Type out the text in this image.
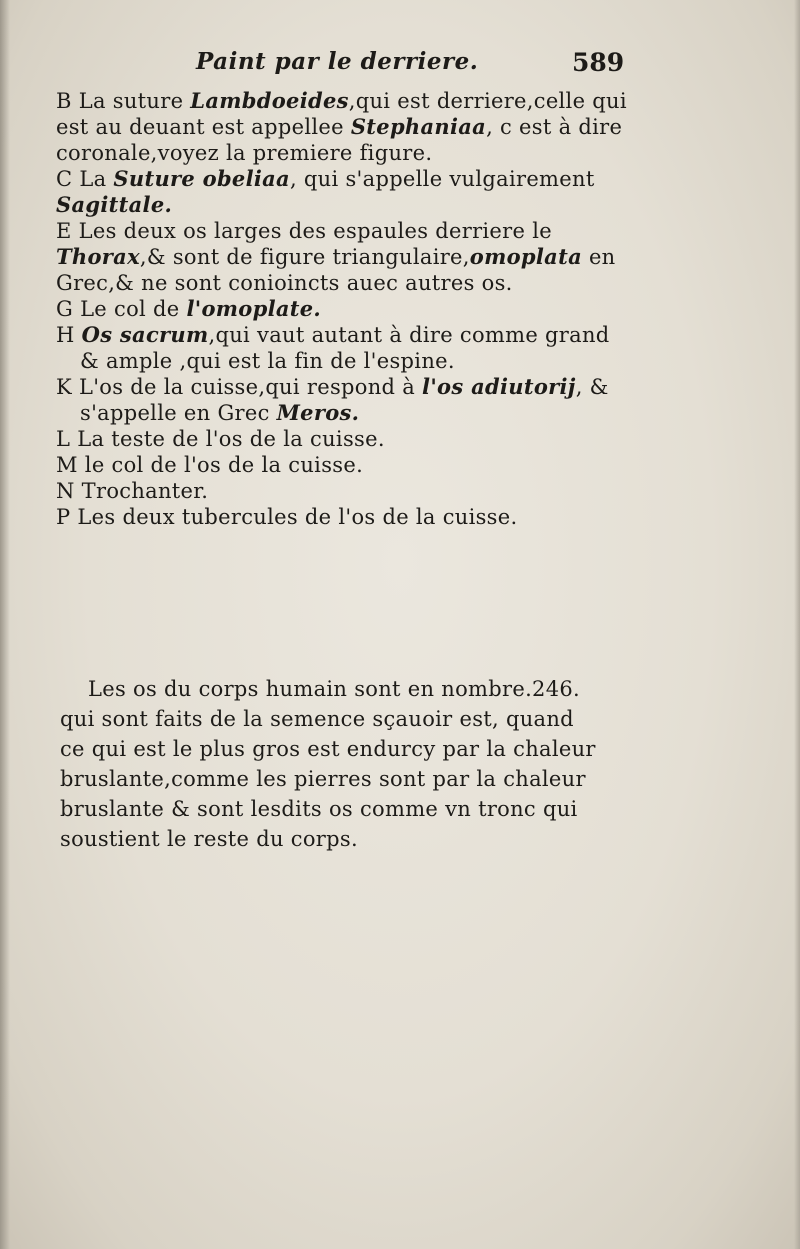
Paint par le derriere.	589
B La suture Lambdoeides,qui est derriere,celle qui
est au deuant est appellee Stephaniaa, c est à dire
coronale,voyez la premiere figure.
C La Suture obeliaa, qui s'appelle vulgairement
Sagittale.
E Les deux os larges des espaules derriere le
Thorax,& sont de figure triangulaire,omoplata en
Grec,& ne sont conioincts auec autres os.
G Le col de l'omoplate.
H Os sacrum,qui vaut autant à dire comme grand
& ample ,qui est la fin de l'espine.
K L'os de la cuisse,qui respond à l'os adiutorij, &
s'appelle en Grec Meros.
L La teste de l'os de la cuisse.
M le col de l'os de la cuisse.
N Trochanter.
P Les deux tubercules de l'os de la cuisse.
Les os du corps humain sont en nombre.246.
qui sont faits de la semence sçauoir est, quand
ce qui est le plus gros est endurcy par la chaleur
bruslante,comme les pierres sont par la chaleur
bruslante & sont lesdits os comme vn tronc qui
soustient le reste du corps.
